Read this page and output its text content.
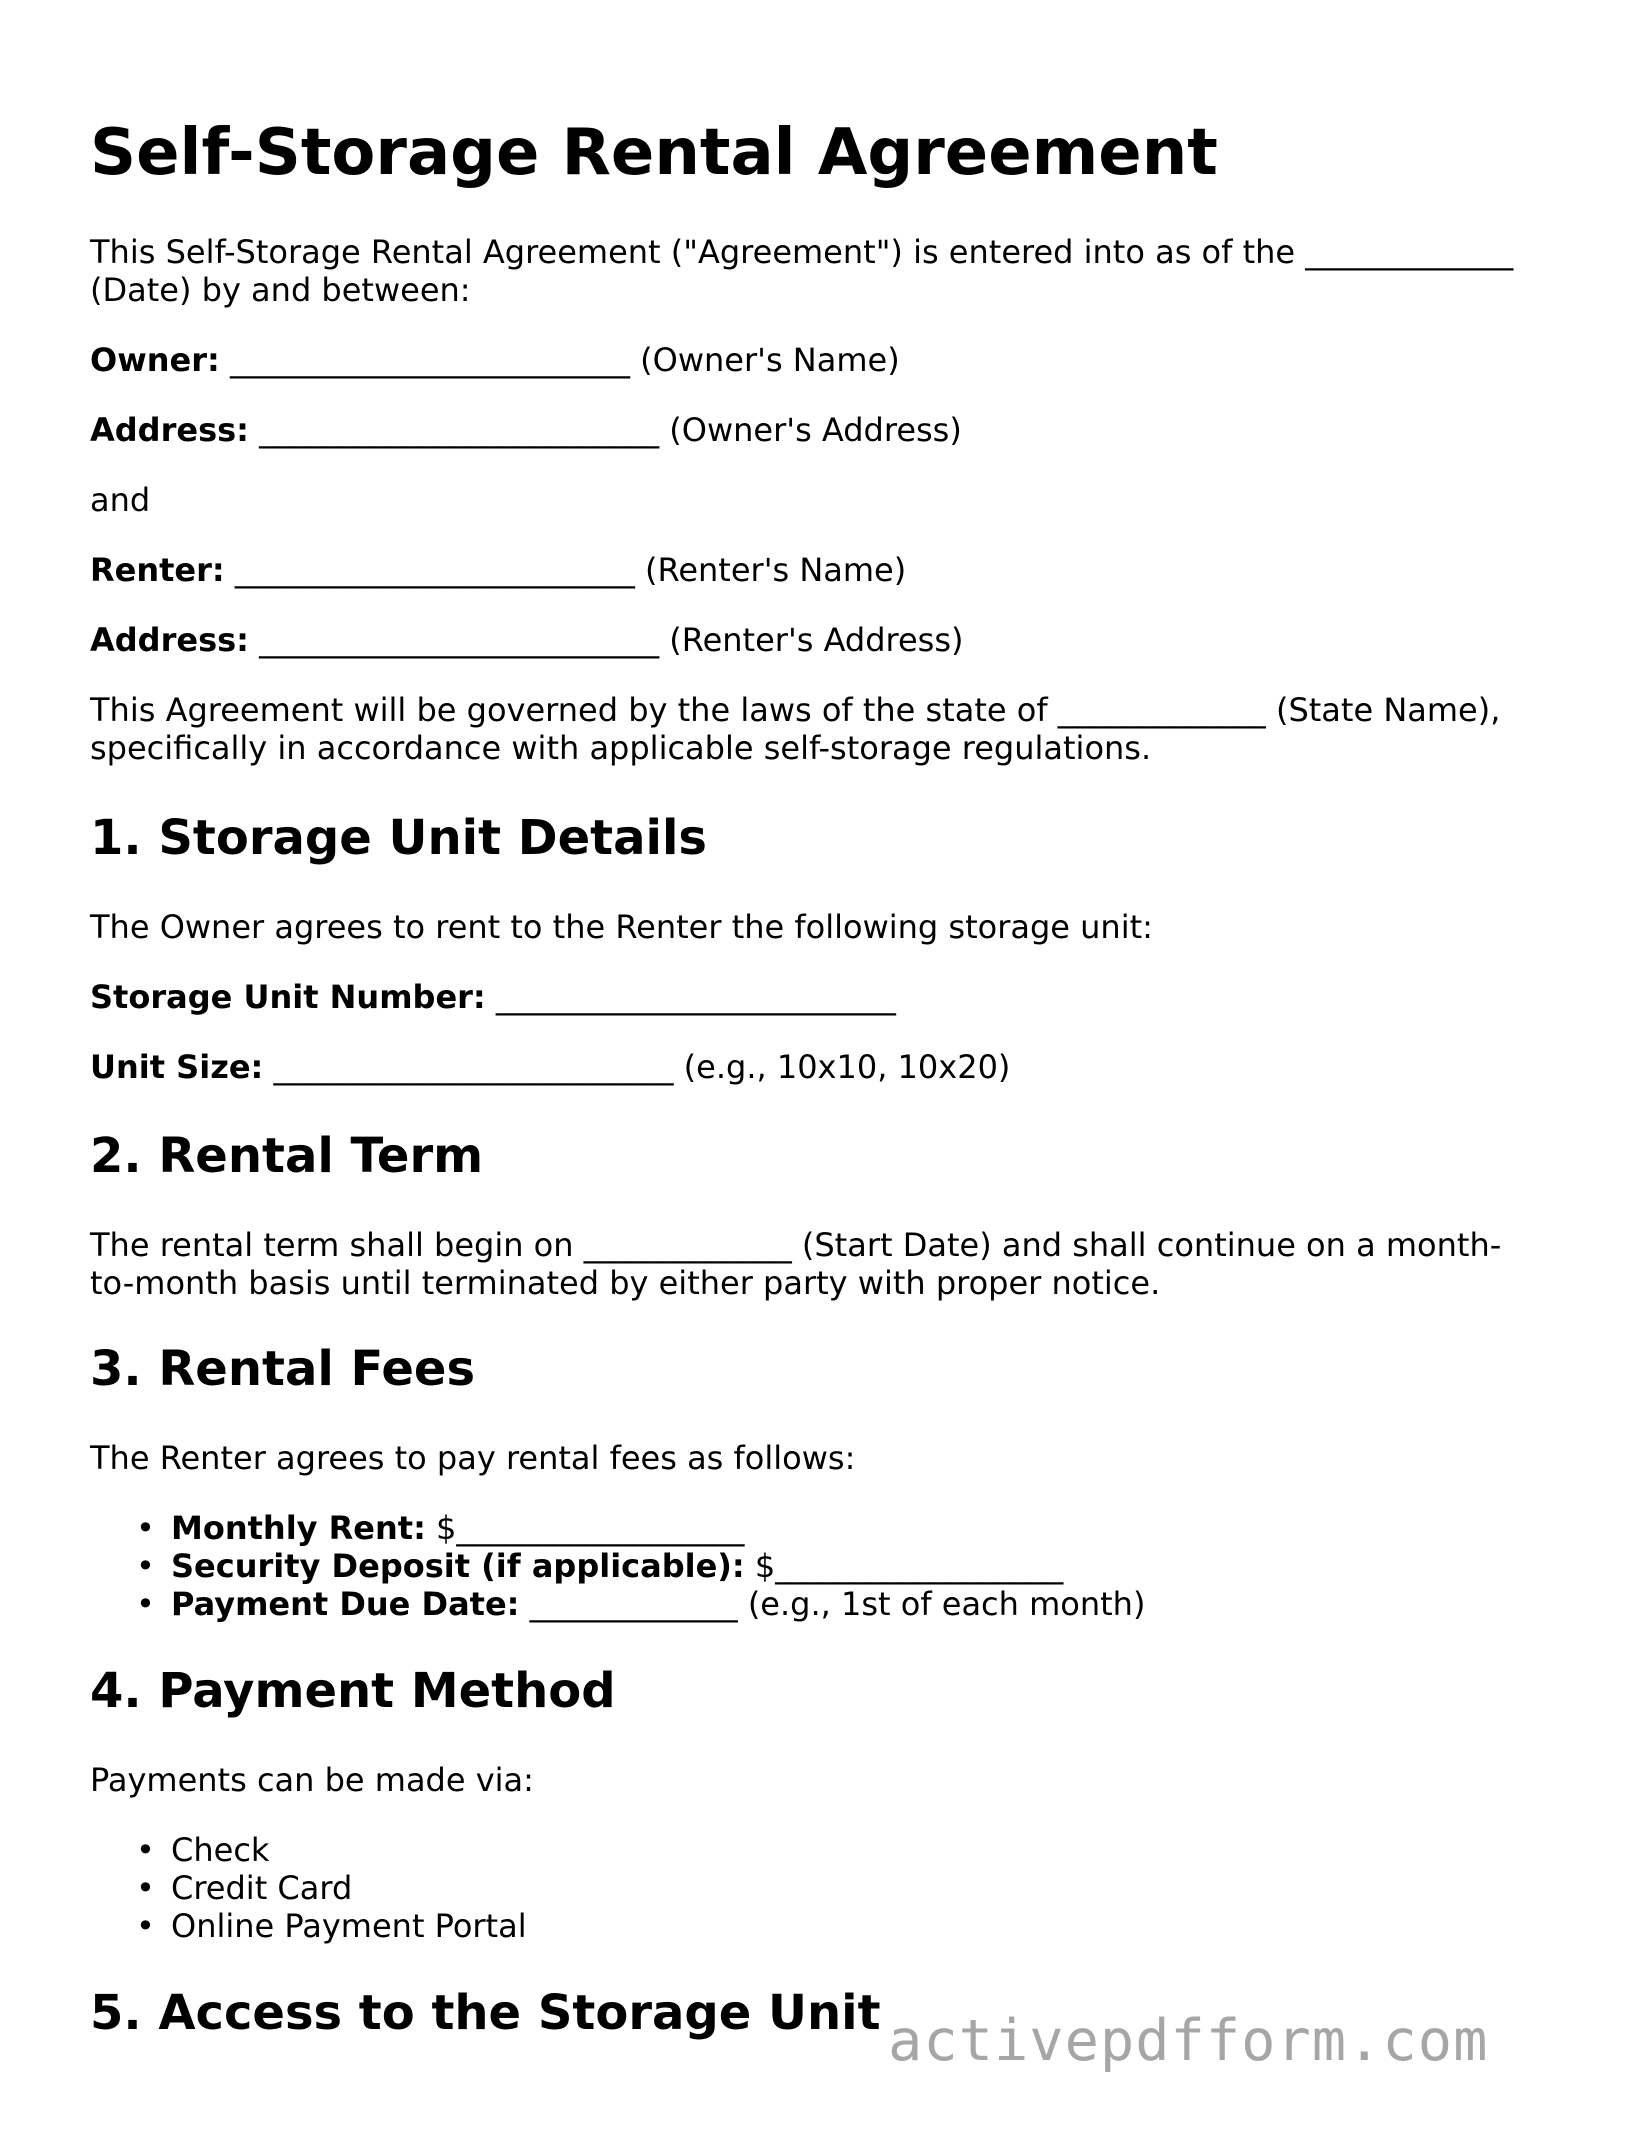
Self-Storage Rental Agreement

This Self-Storage Rental Agreement ("Agreement") is entered into as of the _____________

(Date) by and between:

Owner: _________________________ (Owner's Name)

Address: _________________________ (Owner's Address)

and

Renter: _________________________ (Renter's Name)

Address: _________________________ (Renter's Address)

This Agreement will be governed by the laws of the state of _____________ (State Name),

specifically in accordance with applicable self-storage regulations.

1. Storage Unit Details

The Owner agrees to rent to the Renter the following storage unit:

Storage Unit Number: _________________________

Unit Size: _________________________ (e.g., 10x10, 10x20)

2. Rental Term

The rental term shall begin on _____________ (Start Date) and shall continue on a month-

to-month basis until terminated by either party with proper notice.

3. Rental Fees

The Renter agrees to pay rental fees as follows:

• Monthly Rent: $__________________
• Security Deposit (if applicable): $__________________
• Payment Due Date: _____________ (e.g., 1st of each month)
4. Payment Method

Payments can be made via:

• Check
• Credit Card
• Online Payment Portal
5. Access to the Storage Unit activepdfform.com
